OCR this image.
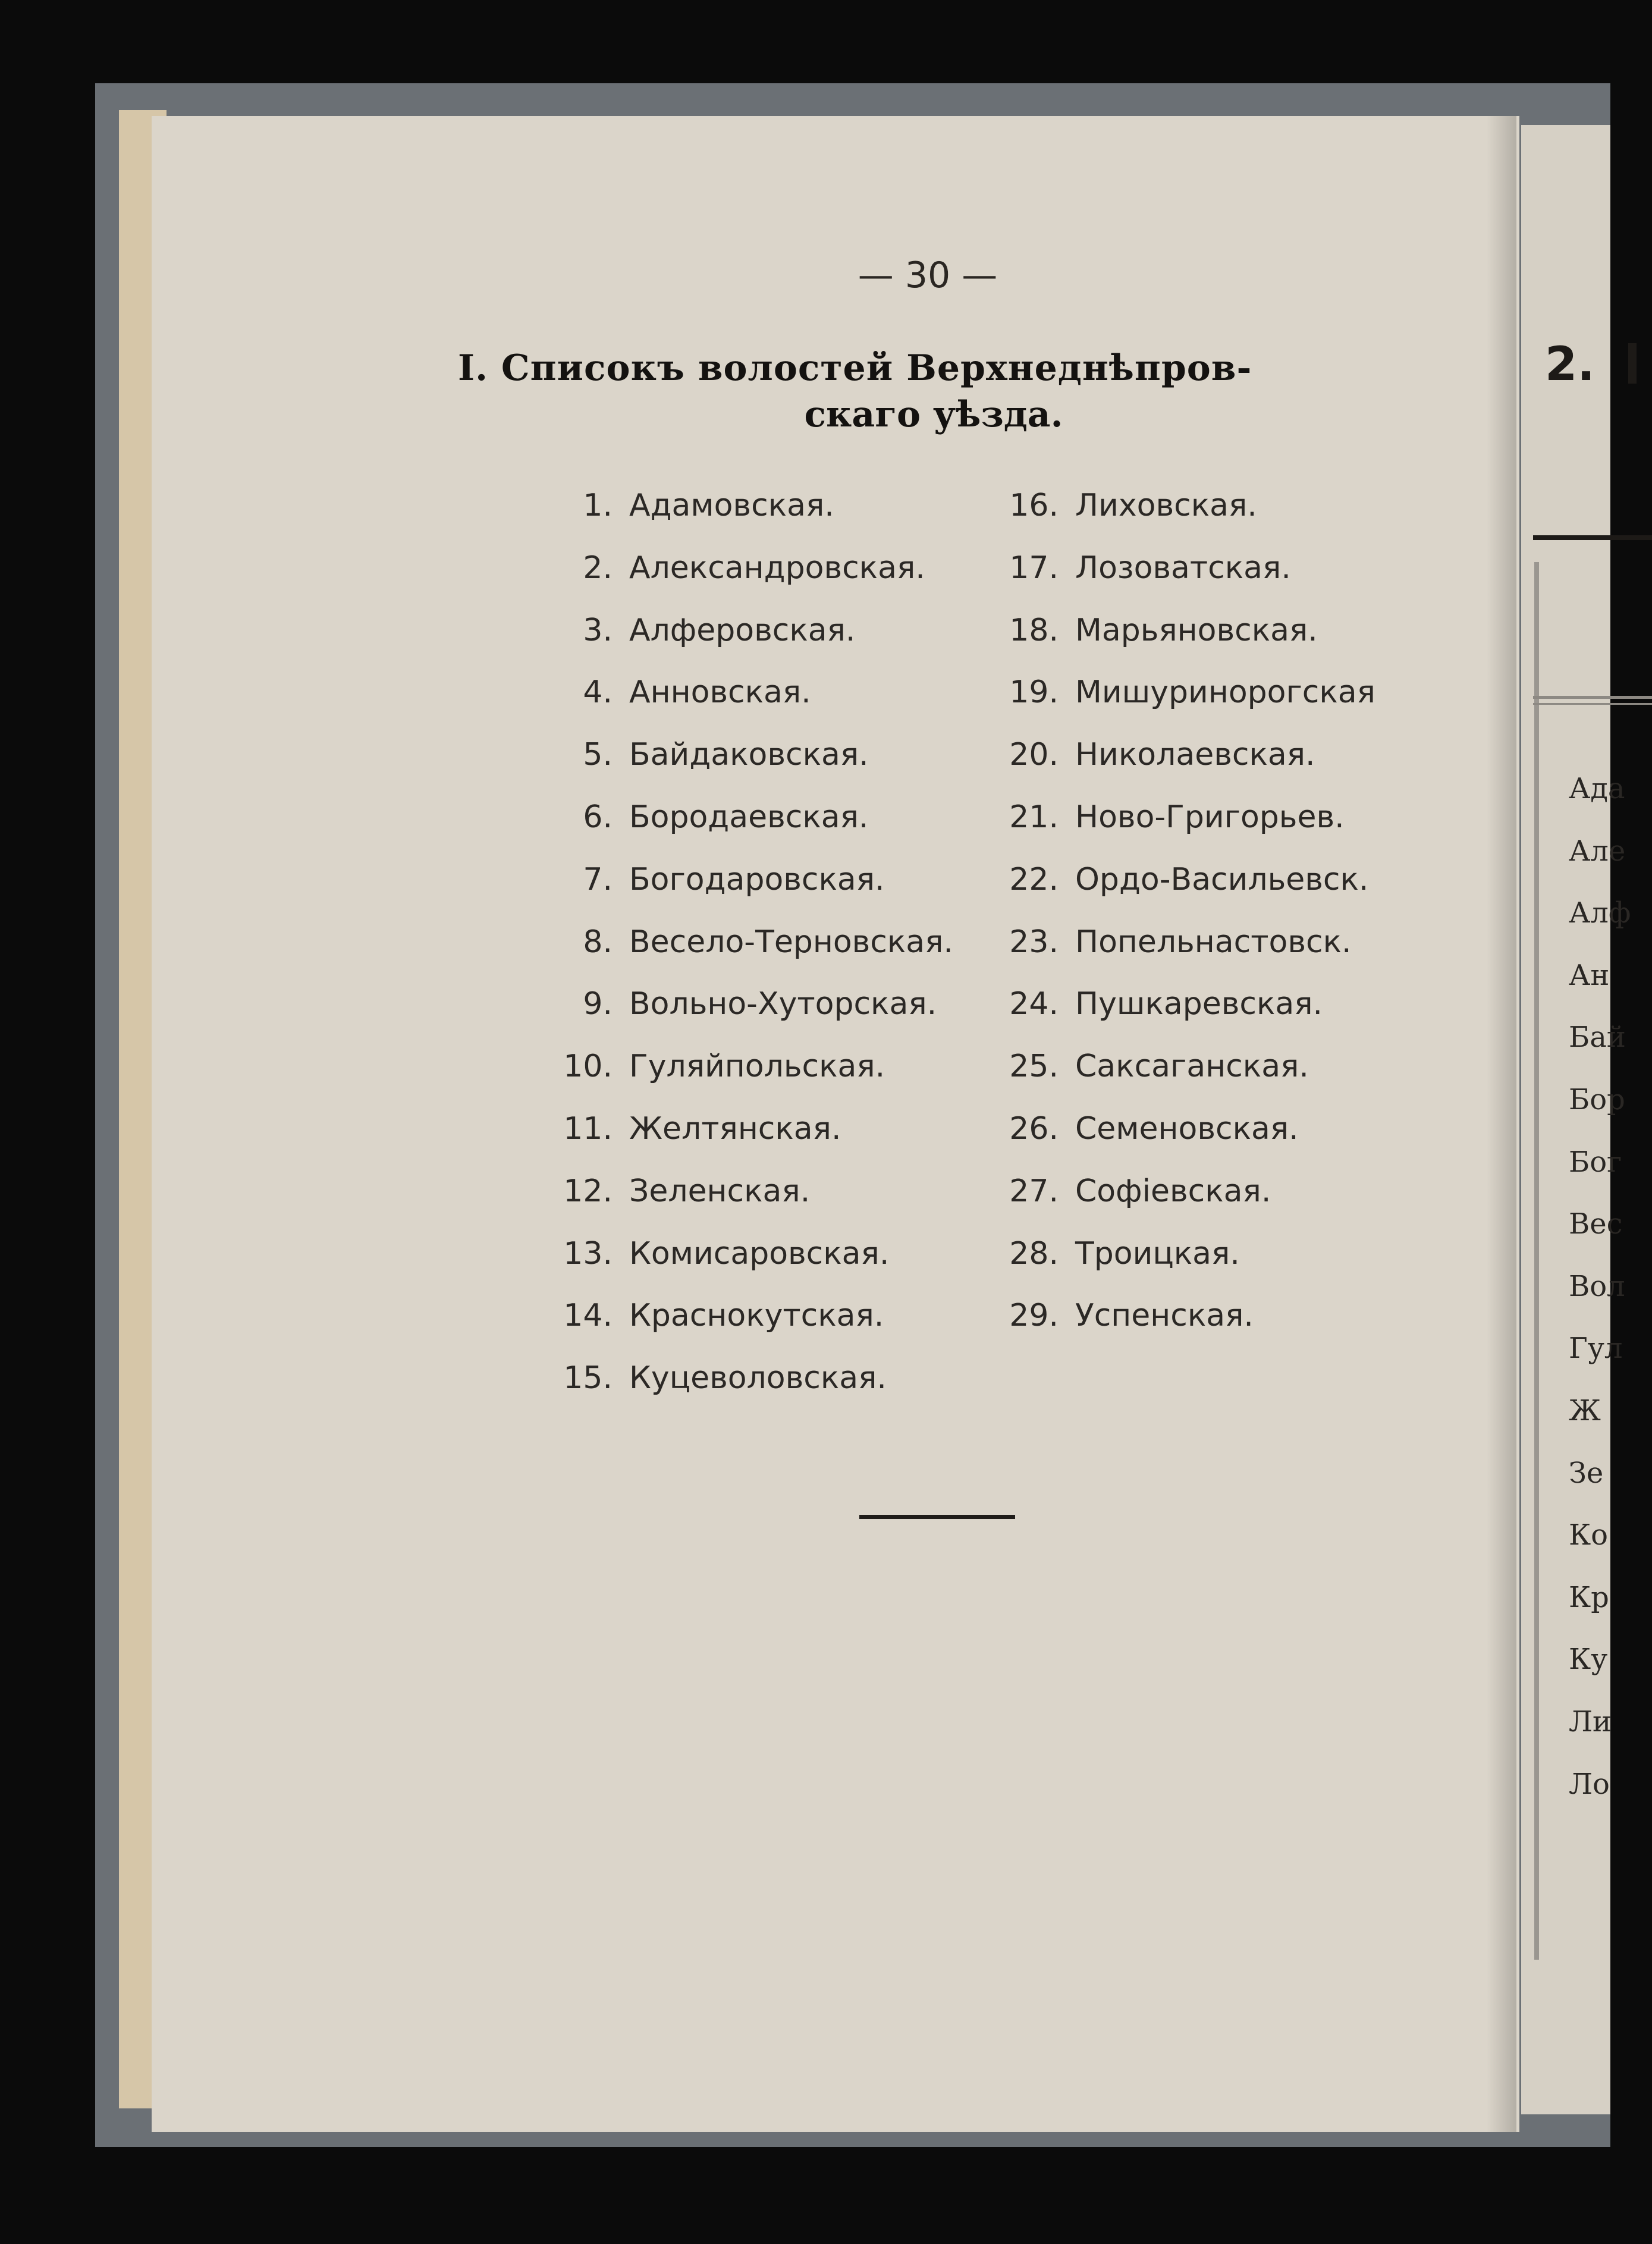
— 30 —

I. Списокъ волостей Верхнеднѣпров-
скаго уѣзда.
1. Адамовская.
2. Александровская.
3. Алферовская.
4. Анновская.
5. Байдаковская.
6. Бородаевская.
7. Богодаровская.
8. Весело-Терновская.
9. Вольно-Хуторская.
10. Гуляйпольская.
11. Желтянская.
12. Зеленская.
13. Комисаровская.
14. Краснокутская.
15. Куцеволовская.
16. Лиховская.
17. Лозоватская.
18. Марьяновская.
19. Мишуринорогская
20. Николаевская.
21. Ново-Григорьев.
22. Ордо-Васильевск.
23. Попельнастовск.
24. Пушкаревская.
25. Саксаганская.
26. Семеновская.
27. Софіевская.
28. Троицкая.
29. Успенская.
2.
Ада
Але
Алф
Ан
Бай
Бор
Бог
Вес
Вол
Гул
Ж
Зе
Ко
Кр
Ку
Ли
Ло
